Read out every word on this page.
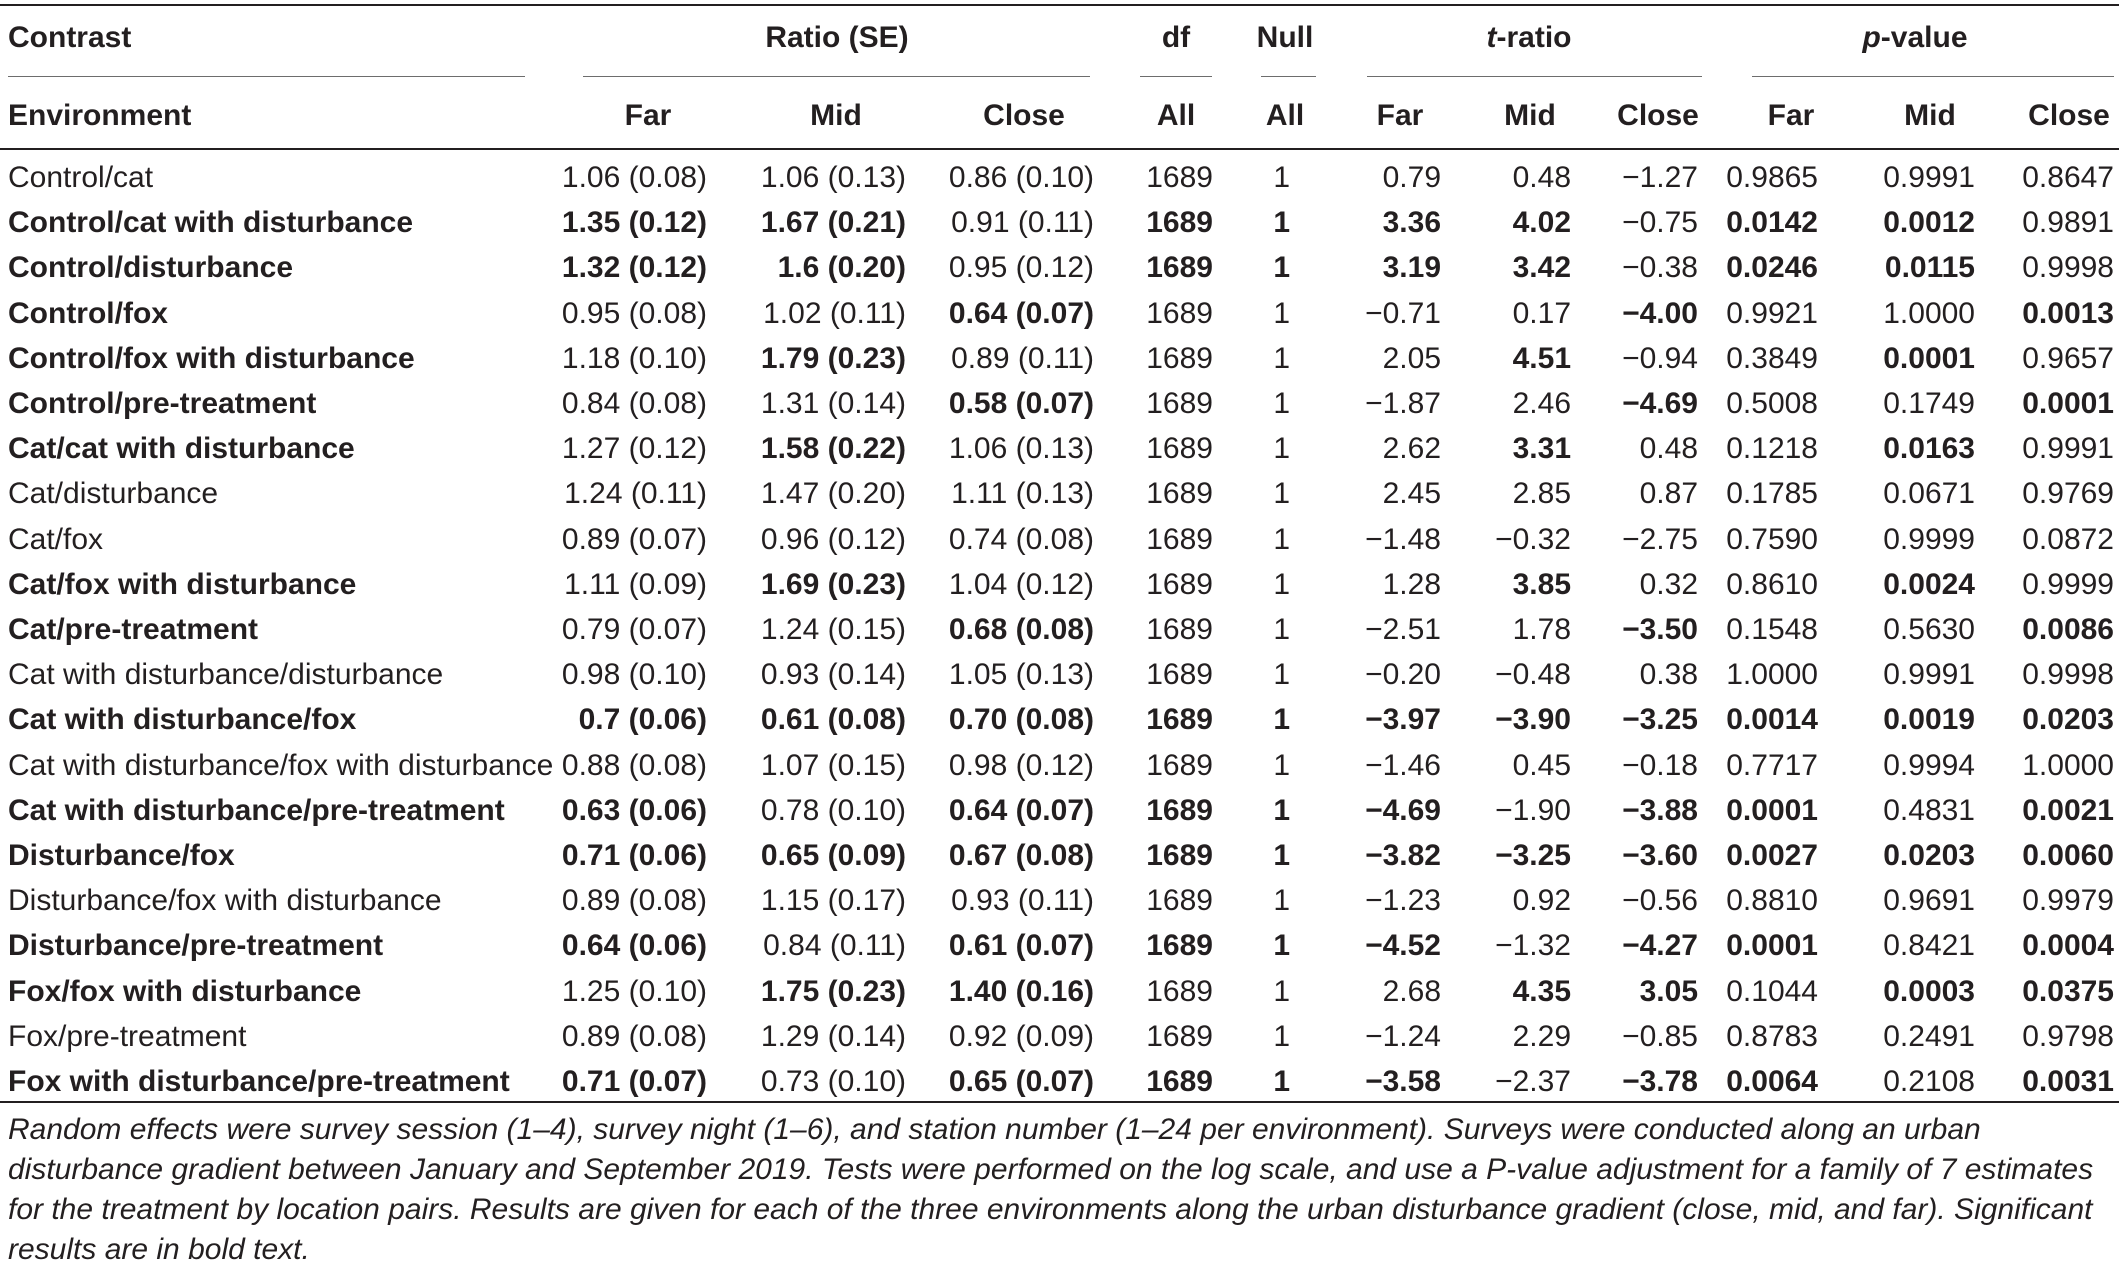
Contrast	Ratio (SE)	df Null	t-ratio	p-value
Environment	Far	Mid	Close	All All Far	Mid Close Far	Mid Close
Control/cat	1.06 (0.08) 1.06 (0.13) 0.86 (0.10) 1689 1	0.79 0.48 −1.27 0.9865 0.9991 0.8647
Control/cat with disturbance	1.35 (0.12) 1.67 (0.21) 0.91 (0.11) 1689 1	3.36 4.02 −0.75 0.0142 0.0012 0.9891
Control/disturbance	1.32 (0.12) 1.6 (0.20) 0.95 (0.12) 1689 1	3.19 3.42 −0.38 0.0246 0.0115 0.9998
Control/fox	0.95 (0.08) 1.02 (0.11) 0.64 (0.07) 1689 1	−0.71 0.17 −4.00 0.9921 1.0000 0.0013
Control/fox with disturbance	1.18 (0.10) 1.79 (0.23) 0.89 (0.11) 1689 1	2.05 4.51 −0.94 0.3849 0.0001 0.9657
Control/pre-treatment	0.84 (0.08) 1.31 (0.14) 0.58 (0.07) 1689 1	−1.87 2.46 −4.69 0.5008 0.1749 0.0001
Cat/cat with disturbance	1.27 (0.12) 1.58 (0.22) 1.06 (0.13) 1689 1	2.62 3.31 0.48 0.1218 0.0163 0.9991
Cat/disturbance	1.24 (0.11) 1.47 (0.20) 1.11 (0.13) 1689 1	2.45 2.85 0.87 0.1785 0.0671 0.9769
Cat/fox	0.89 (0.07) 0.96 (0.12) 0.74 (0.08) 1689 1	−1.48 −0.32 −2.75 0.7590 0.9999 0.0872
Cat/fox with disturbance	1.11 (0.09) 1.69 (0.23) 1.04 (0.12) 1689 1	1.28 3.85 0.32 0.8610 0.0024 0.9999
Cat/pre-treatment	0.79 (0.07) 1.24 (0.15) 0.68 (0.08) 1689 1	−2.51 1.78 −3.50 0.1548 0.5630 0.0086
Cat with disturbance/disturbance	0.98 (0.10) 0.93 (0.14) 1.05 (0.13) 1689 1	−0.20 −0.48 0.38 1.0000 0.9991 0.9998
Cat with disturbance/fox	0.7 (0.06) 0.61 (0.08) 0.70 (0.08) 1689 1	−3.97 −3.90 −3.25 0.0014 0.0019 0.0203
Cat with disturbance/fox with disturbance 0.88 (0.08) 1.07 (0.15) 0.98 (0.12) 1689 1	−1.46 0.45 −0.18 0.7717 0.9994 1.0000
Cat with disturbance/pre-treatment 0.63 (0.06) 0.78 (0.10) 0.64 (0.07) 1689 1	−4.69 −1.90 −3.88 0.0001 0.4831 0.0021
Disturbance/fox	0.71 (0.06) 0.65 (0.09) 0.67 (0.08) 1689 1	−3.82 −3.25 −3.60 0.0027 0.0203 0.0060
Disturbance/fox with disturbance	0.89 (0.08) 1.15 (0.17) 0.93 (0.11) 1689 1	−1.23 0.92 −0.56 0.8810 0.9691 0.9979
Disturbance/pre-treatment	0.64 (0.06) 0.84 (0.11) 0.61 (0.07) 1689 1	−4.52 −1.32 −4.27 0.0001 0.8421 0.0004
Fox/fox with disturbance	1.25 (0.10) 1.75 (0.23) 1.40 (0.16) 1689 1	2.68 4.35 3.05 0.1044 0.0003 0.0375
Fox/pre-treatment	0.89 (0.08) 1.29 (0.14) 0.92 (0.09) 1689 1	−1.24 2.29 −0.85 0.8783 0.2491 0.9798
Fox with disturbance/pre-treatment 0.71 (0.07) 0.73 (0.10) 0.65 (0.07) 1689 1	−3.58 −2.37 −3.78 0.0064 0.2108 0.0031
Random effects were survey session (1–4), survey night (1–6), and station number (1–24 per environment). Surveys were conducted along an urban disturbance gradient between January and September 2019. Tests were performed on the log scale, and use a P-value adjustment for a family of 7 estimates for the treatment by location pairs. Results are given for each of the three environments along the urban disturbance gradient (close, mid, and far). Significant results are in bold text.
